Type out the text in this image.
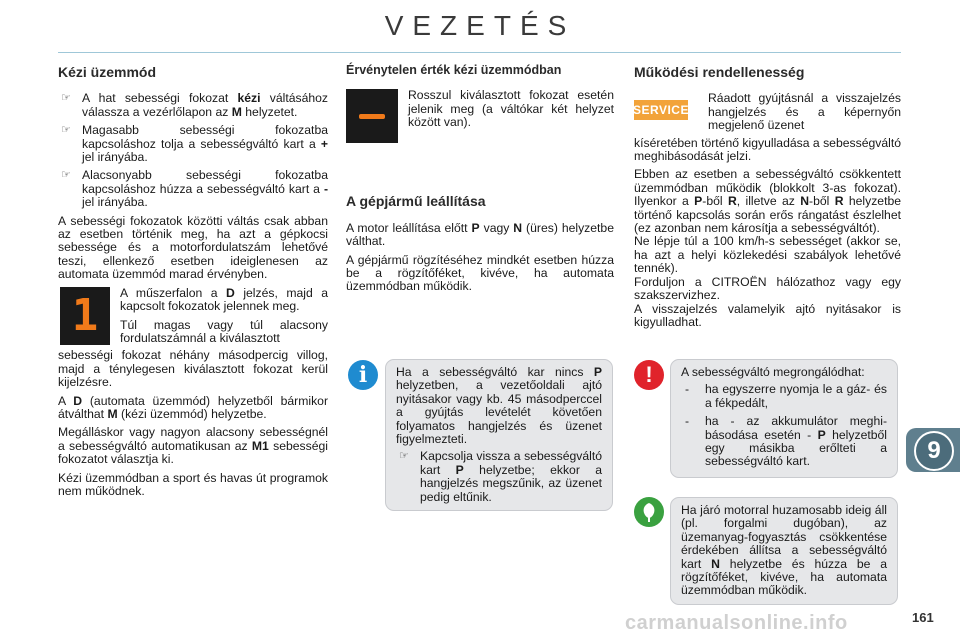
VEZETÉS
Kézi üzemmód
☞ A hat sebességi fokozat kézi váltásához válassza a vezérlőlapon az M helyzetet.
☞ Magasabb sebességi fokozatba kapcsoláshoz tolja a sebességváltó kart a + jel irányába.
☞ Alacsonyabb sebességi fokozatba kapcsoláshoz húzza a sebességváltó kart a - jel irányába.

A sebességi fokozatok közötti váltás csak abban az esetben történik meg, ha azt a gépkocsi sebessége és a motorfordulatszám lehetővé teszi, ellenkező esetben ideiglenesen az automata üzemmód marad érvényben.

1 A műszerfalon a D jelzés, majd a kapcsolt fokozatok jelennek meg.

Túl magas vagy túl alacsony fordulatszámnál a kiválasztott

sebességi fokozat néhány másodpercig villog, majd a ténylegesen kiválasztott fokozat kerül kijelzésre.

A D (automata üzemmód) helyzetből bármikor átválthat M (kézi üzemmód) helyzetbe.

Megálláskor vagy nagyon alacsony sebességnél a sebességváltó automatikusan az M1 sebességi fokozatot választja ki.

Kézi üzemmódban a sport és havas út programok nem működnek.

Érvénytelen érték kézi üzemmódban

Rosszul kiválasztott fokozat esetén jelenik meg (a váltókar két helyzet között van).

A gépjármű leállítása

A motor leállítása előtt P vagy N (üres) helyzetbe válthat.

A gépjármű rögzítéséhez mindkét esetben húzza be a rögzítőféket, kivéve, ha automata üzemmódban működik.

Ha a sebességváltó kar nincs P helyzetben, a vezetőoldali ajtó nyitásakor vagy kb. 45 másodperccel a gyújtás levételét követően folyamatos hangjelzés és üzenet figyelmezteti.

☞ Kapcsolja vissza a sebességváltó kart P helyzetbe; ekkor a hangjelzés megszűnik, az üzenet pedig eltűnik.
i
Működési rendellenesség
SERVICE

Ráadott gyújtásnál a visszajelzés hangjelzés és a képernyőn megjelenő üzenet

kíséretében történő kigyulladása a sebességváltó meghibásodását jelzi.

Ebben az esetben a sebességváltó csökkentett üzemmódban működik (blokkolt 3-as fokozat). Ilyenkor a P-ből R, illetve az N-ből R helyzetbe történő kapcsolás során erős rángatást észlelhet (ez azonban nem károsítja a sebességváltót).

Ne lépje túl a 100 km/h-s sebességet (akkor se, ha azt a helyi közlekedési szabályok lehetővé tennék).

Forduljon a CITROËN hálózathoz vagy egy szakszervizhez.

A visszajelzés valamelyik ajtó nyitásakor is kigyulladhat.

A sebességváltó megrongálódhat:

- ha egyszerre nyomja le a gáz- és a fékpedált,
- ha - az akkumulátor meghibásodása esetén - P helyzetből egy másikba erőlteti a sebességváltó kart.
!

Ha járó motorral huzamosabb ideig áll (pl. forgalmi dugóban), az üzemanyag-fogyasztás csökkentése érdekében állítsa a sebességváltó kart N helyzetbe és húzza be a rögzítőféket, kivéve, ha automata üzemmódban működik.

9
carmanualsonline.info	161
